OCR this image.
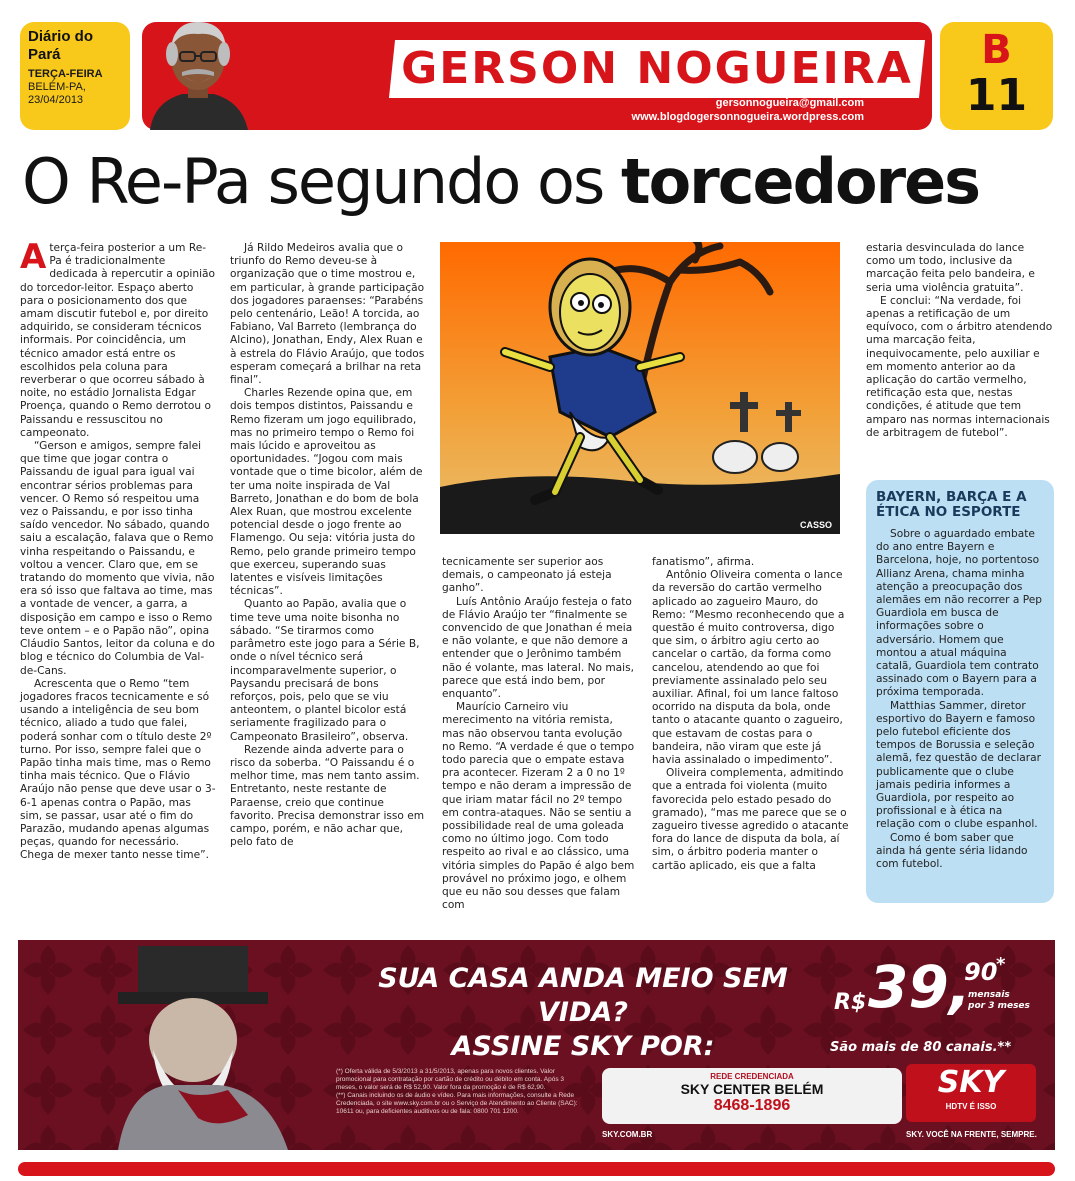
Diário do Pará
TERÇA-FEIRA
BELÉM-PA,
23/04/2013
GERSON NOGUEIRA
gersonnogueira@gmail.com
www.blogdogersonnogueira.wordpress.com
B
11
O Re-Pa segundo os torcedores

A terça-feira posterior a um Re-Pa é tradicionalmente dedicada à repercutir a opinião do torcedor-leitor. Espaço aberto para o posicionamento dos que amam discutir futebol e, por direito adquirido, se consideram técnicos informais. Por coincidência, um técnico amador está entre os escolhidos pela coluna para reverberar o que ocorreu sábado à noite, no estádio Jornalista Edgar Proença, quando o Remo derrotou o Paissandu e ressuscitou no campeonato.

“Gerson e amigos, sempre falei que time que jogar contra o Paissandu de igual para igual vai encontrar sérios problemas para vencer. O Remo só respeitou uma vez o Paissandu, e por isso tinha saído vencedor. No sábado, quando saiu a escalação, falava que o Remo vinha respeitando o Paissandu, e voltou a vencer. Claro que, em se tratando do momento que vivia, não era só isso que faltava ao time, mas a vontade de vencer, a garra, a disposição em campo e isso o Remo teve ontem – e o Papão não”, opina Cláudio Santos, leitor da coluna e do blog e técnico do Columbia de Val-de-Cans.

Acrescenta que o Remo “tem jogadores fracos tecnicamente e só usando a inteligência de seu bom técnico, aliado a tudo que falei, poderá sonhar com o título deste 2º turno. Por isso, sempre falei que o Papão tinha mais time, mas o Remo tinha mais técnico. Que o Flávio Araújo não pense que deve usar o 3-6-1 apenas contra o Papão, mas sim, se passar, usar até o fim do Parazão, mudando apenas algumas peças, quando for necessário. Chega de mexer tanto nesse time”.

Já Rildo Medeiros avalia que o triunfo do Remo deveu-se à organização que o time mostrou e, em particular, à grande participação dos jogadores paraenses: “Parabéns pelo centenário, Leão! A torcida, ao Fabiano, Val Barreto (lembrança do Alcino), Jonathan, Endy, Alex Ruan e à estrela do Flávio Araújo, que todos esperam começará a brilhar na reta final”.

Charles Rezende opina que, em dois tempos distintos, Paissandu e Remo fizeram um jogo equilibrado, mas no primeiro tempo o Remo foi mais lúcido e aproveitou as oportunidades. “Jogou com mais vontade que o time bicolor, além de ter uma noite inspirada de Val Barreto, Jonathan e do bom de bola Alex Ruan, que mostrou excelente potencial desde o jogo frente ao Flamengo. Ou seja: vitória justa do Remo, pelo grande primeiro tempo que exerceu, superando suas latentes e visíveis limitações técnicas”.

Quanto ao Papão, avalia que o time teve uma noite bisonha no sábado. “Se tirarmos como parâmetro este jogo para a Série B, onde o nível técnico será incomparavelmente superior, o Paysandu precisará de bons reforços, pois, pelo que se viu anteontem, o plantel bicolor está seriamente fragilizado para o Campeonato Brasileiro”, observa.

Rezende ainda adverte para o risco da soberba. “O Paissandu é o melhor time, mas nem tanto assim. Entretanto, neste restante de Paraense, creio que continue favorito. Precisa demonstrar isso em campo, porém, e não achar que, pelo fato de

CASSO

tecnicamente ser superior aos demais, o campeonato já esteja ganho”.

Luís Antônio Araújo festeja o fato de Flávio Araújo ter “finalmente se convencido de que Jonathan é meia e não volante, e que não demore a entender que o Jerônimo também não é volante, mas lateral. No mais, parece que está indo bem, por enquanto”.

Maurício Carneiro viu merecimento na vitória remista, mas não observou tanta evolução no Remo. “A verdade é que o tempo todo parecia que o empate estava pra acontecer. Fizeram 2 a 0 no 1º tempo e não deram a impressão de que iriam matar fácil no 2º tempo em contra-ataques. Não se sentiu a possibilidade real de uma goleada como no último jogo. Com todo respeito ao rival e ao clássico, uma vitória simples do Papão é algo bem provável no próximo jogo, e olhem que eu não sou desses que falam com

fanatismo”, afirma.

Antônio Oliveira comenta o lance da reversão do cartão vermelho aplicado ao zagueiro Mauro, do Remo: “Mesmo reconhecendo que a questão é muito controversa, digo que sim, o árbitro agiu certo ao cancelar o cartão, da forma como cancelou, atendendo ao que foi previamente assinalado pelo seu auxiliar. Afinal, foi um lance faltoso ocorrido na disputa da bola, onde tanto o atacante quanto o zagueiro, que estavam de costas para o bandeira, não viram que este já havia assinalado o impedimento”.

Oliveira complementa, admitindo que a entrada foi violenta (muito favorecida pelo estado pesado do gramado), “mas me parece que se o zagueiro tivesse agredido o atacante fora do lance de disputa da bola, aí sim, o árbitro poderia manter o cartão aplicado, eis que a falta

estaria desvinculada do lance como um todo, inclusive da marcação feita pelo bandeira, e seria uma violência gratuita”.

E conclui: “Na verdade, foi apenas a retificação de um equívoco, com o árbitro atendendo uma marcação feita, inequivocamente, pelo auxiliar e em momento anterior ao da aplicação do cartão vermelho, retificação esta que, nestas condições, é atitude que tem amparo nas normas internacionais de arbitragem de futebol”.

BAYERN, BARÇA E A ÉTICA NO ESPORTE

Sobre o aguardado embate do ano entre Bayern e Barcelona, hoje, no portentoso Allianz Arena, chama minha atenção a preocupação dos alemães em não recorrer a Pep Guardiola em busca de informações sobre o adversário. Homem que montou a atual máquina catalã, Guardiola tem contrato assinado com o Bayern para a próxima temporada.

Matthias Sammer, diretor esportivo do Bayern e famoso pelo futebol eficiente dos tempos de Borussia e seleção alemã, fez questão de declarar publicamente que o clube jamais pediria informes a Guardiola, por respeito ao profissional e à ética na relação com o clube espanhol.

Como é bom saber que ainda há gente séria lidando com futebol.

SUA CASA ANDA MEIO SEM VIDA?
ASSINE SKY POR:
R$ 39,
90
*
mensais
por 3 meses
São mais de 80 canais.**
(*) Oferta válida de 5/3/2013 a 31/5/2013, apenas para novos clientes. Valor promocional para contratação por cartão de crédito ou débito em conta. Após 3 meses, o valor será de R$ 52,90. Valor fora da promoção é de R$ 62,90.
(**) Canais incluindo os de áudio e vídeo. Para mais informações, consulte a Rede Credenciada, o site www.sky.com.br ou o Serviço de Atendimento ao Cliente (SAC): 10611 ou, para deficientes auditivos ou de fala: 0800 701 1200.
REDE CREDENCIADA
SKY CENTER BELÉM
8468-1896
SKY.COM.BR
SKY
HDTV É ISSO
SKY. VOCÊ NA FRENTE, SEMPRE.
